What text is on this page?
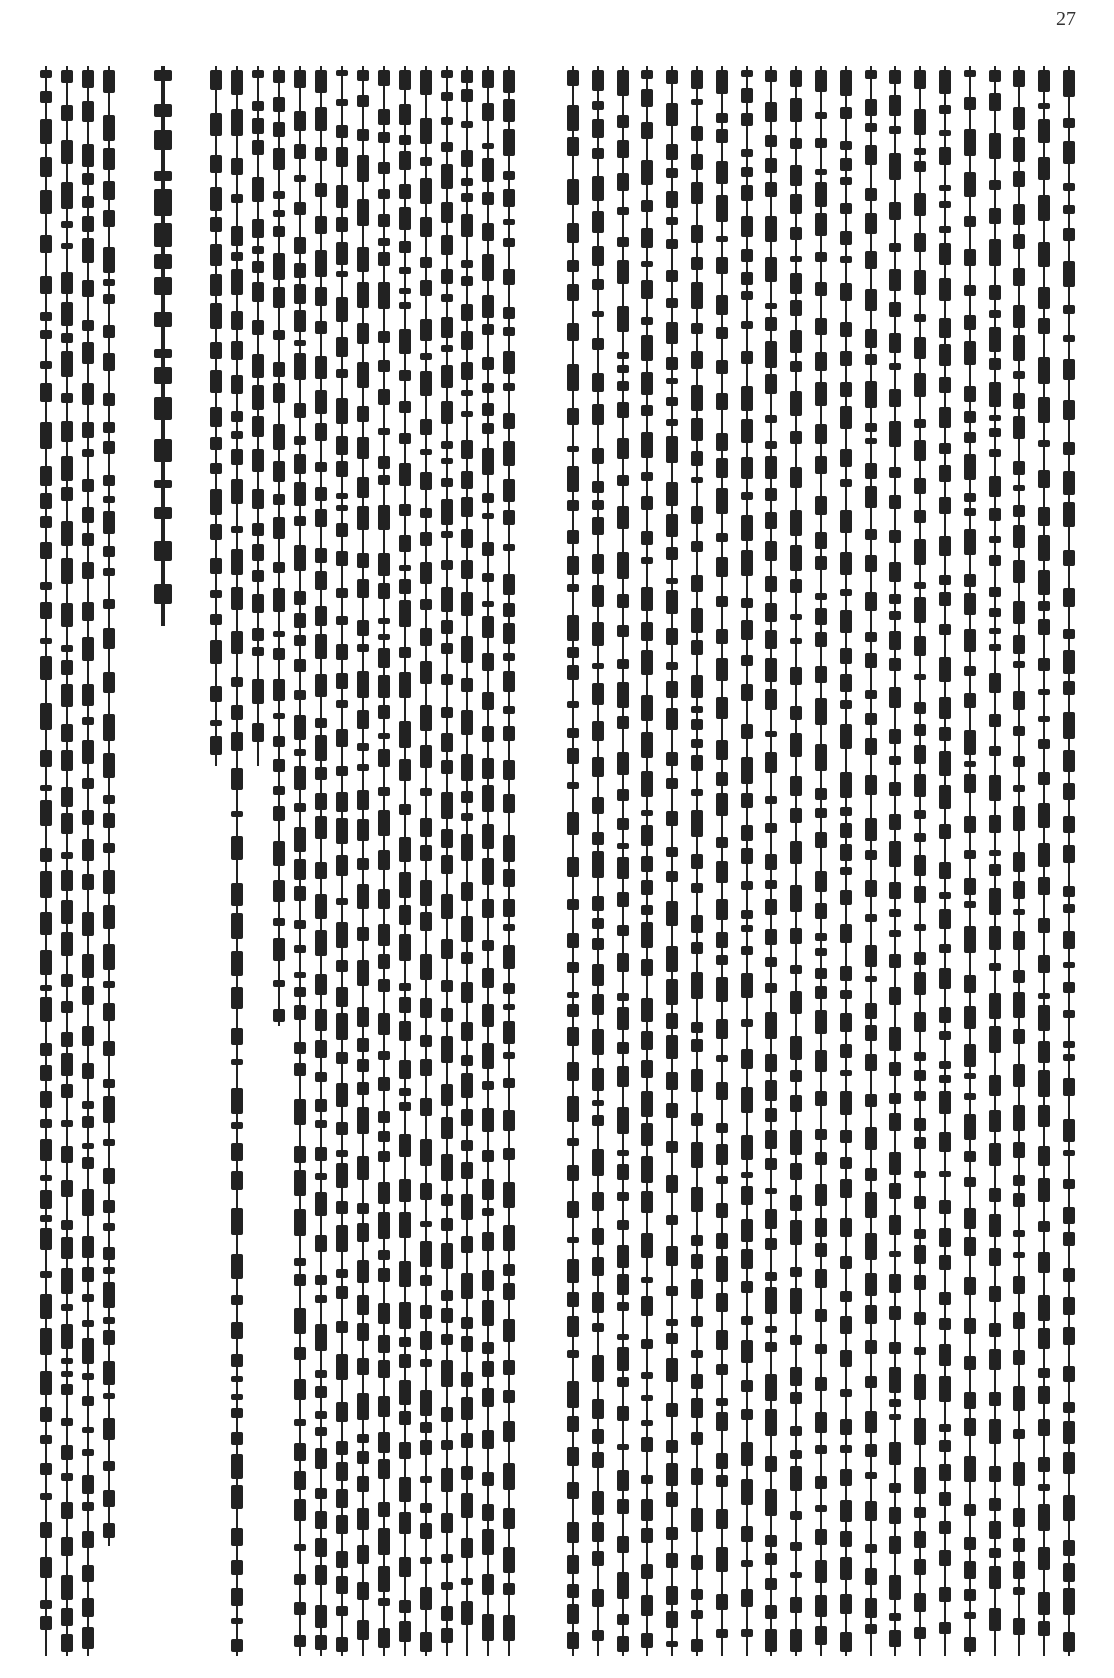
27
